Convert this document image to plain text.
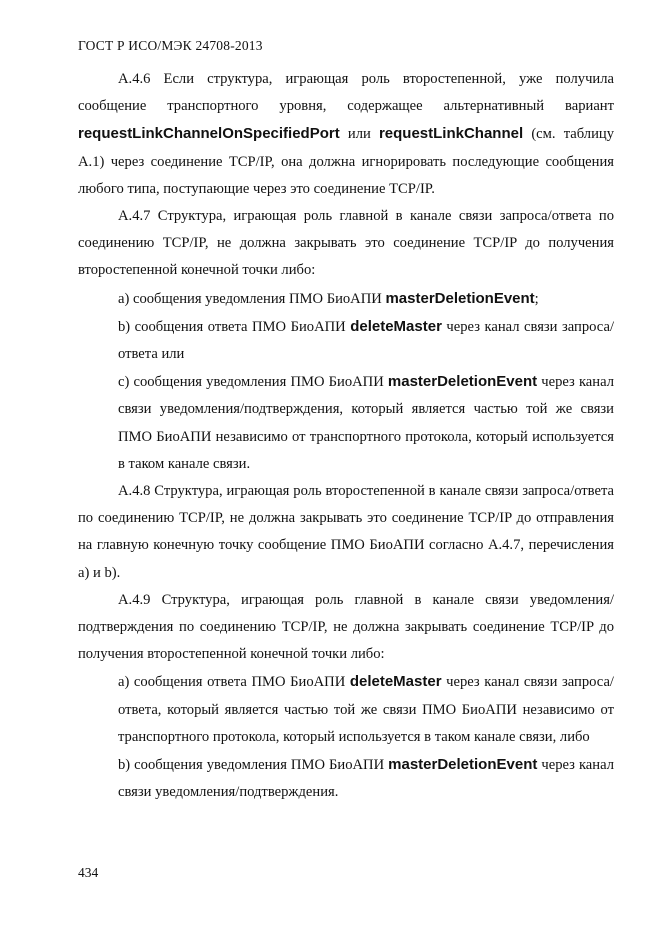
ГОСТ Р ИСО/МЭК 24708-2013

А.4.6 Если структура, играющая роль второстепенной, уже получила сообщение транспортного уровня, содержащее альтернативный вариант requestLinkChannelOnSpecifiedPort или requestLinkChannel (см. таблицу А.1) через соединение TCP/IP, она должна игнорировать последующие сообщения любого типа, поступающие через это соединение TCP/IP.

А.4.7 Структура, играющая роль главной в канале связи запроса/ответа по соединению TCP/IP, не должна закрывать это соединение TCP/IP до получения второстепенной конечной точки либо:

а) сообщения уведомления ПМО БиоАПИ masterDeletionEvent;

b) сообщения ответа ПМО БиоАПИ deleteMaster через канал связи запроса/ответа или

с) сообщения уведомления ПМО БиоАПИ masterDeletionEvent через канал связи уведомления/подтверждения, который является частью той же связи ПМО БиоАПИ независимо от транспортного протокола, который используется в таком канале связи.

А.4.8 Структура, играющая роль второстепенной в канале связи запроса/ответа по соединению TCP/IP, не должна закрывать это соединение TCP/IP до отправления на главную конечную точку сообщение ПМО БиоАПИ согласно А.4.7, перечисления а) и b).

А.4.9 Структура, играющая роль главной в канале связи уведомления/подтверждения по соединению TCP/IP, не должна закрывать соединение TCP/IP до получения второстепенной конечной точки либо:

а) сообщения ответа ПМО БиоАПИ deleteMaster через канал связи запроса/ответа, который является частью той же связи ПМО БиоАПИ независимо от транспортного протокола, который используется в таком канале связи, либо

b) сообщения уведомления ПМО БиоАПИ masterDeletionEvent через канал связи уведомления/подтверждения.

434
